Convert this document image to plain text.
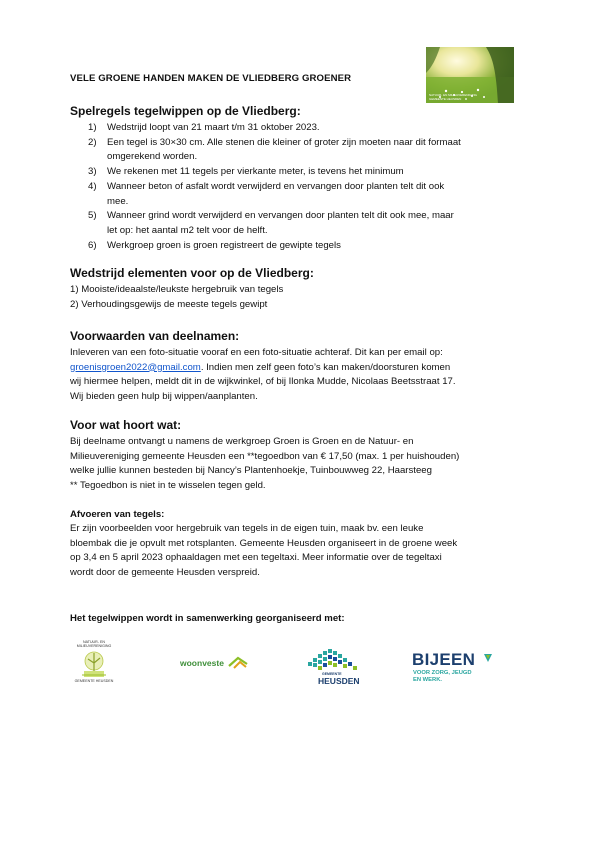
NATUUR- EN MILIEUVERENIGING
GEMEENTE HEUSDEN
VELE GROENE HANDEN MAKEN DE VLIEDBERG GROENER
Spelregels tegelwippen op de Vliedberg:
1) Wedstrijd loopt van 21 maart t/m 31 oktober 2023.
2) Een tegel is 30×30 cm. Alle stenen die kleiner of groter zijn moeten naar dit formaat
omgerekend worden.
3) We rekenen met 11 tegels per vierkante meter, is tevens het minimum
4) Wanneer beton of asfalt wordt verwijderd en vervangen door planten telt dit ook
mee.
5) Wanneer grind wordt verwijderd en vervangen door planten telt dit ook mee, maar
let op: het aantal m2 telt voor de helft.
6) Werkgroep groen is groen registreert de gewipte tegels
Wedstrijd elementen voor op de Vliedberg:

1) Mooiste/ideaalste/leukste hergebruik van tegels

2) Verhoudingsgewijs de meeste tegels gewipt

Voorwaarden van deelnamen:

Inleveren van een foto-situatie vooraf en een foto-situatie achteraf. Dit kan per email op:

groenisgroen2022@gmail.com. Indien men zelf geen foto’s kan maken/doorsturen komen

wij hiermee helpen, meldt dit in de wijkwinkel, of bij Ilonka Mudde, Nicolaas Beetsstraat 17.

Wij bieden geen hulp bij wippen/aanplanten.

Voor wat hoort wat:

Bij deelname ontvangt u namens de werkgroep Groen is Groen en de Natuur- en

Milieuvereniging gemeente Heusden een **tegoedbon van € 17,50 (max. 1 per huishouden)

welke jullie kunnen besteden bij Nancy’s Plantenhoekje, Tuinbouwweg 22, Haarsteeg

** Tegoedbon is niet in te wisselen tegen geld.

Afvoeren van tegels:

Er zijn voorbeelden voor hergebruik van tegels in de eigen tuin, maak bv. een leuke

bloembak die je opvult met rotsplanten. Gemeente Heusden organiseert in de groene week

op 3,4 en 5 april 2023 ophaaldagen met een tegeltaxi. Meer informatie over de tegeltaxi

wordt door de gemeente Heusden verspreid.

Het tegelwippen wordt in samenwerking georganiseerd met:
NATUUR- EN
MILIEUVERENIGING
GEMEENTE HEUSDEN
woonveste
GEMEENTE
HEUSDEN
BIJEEN
VOOR ZORG, JEUGD
EN WERK.
